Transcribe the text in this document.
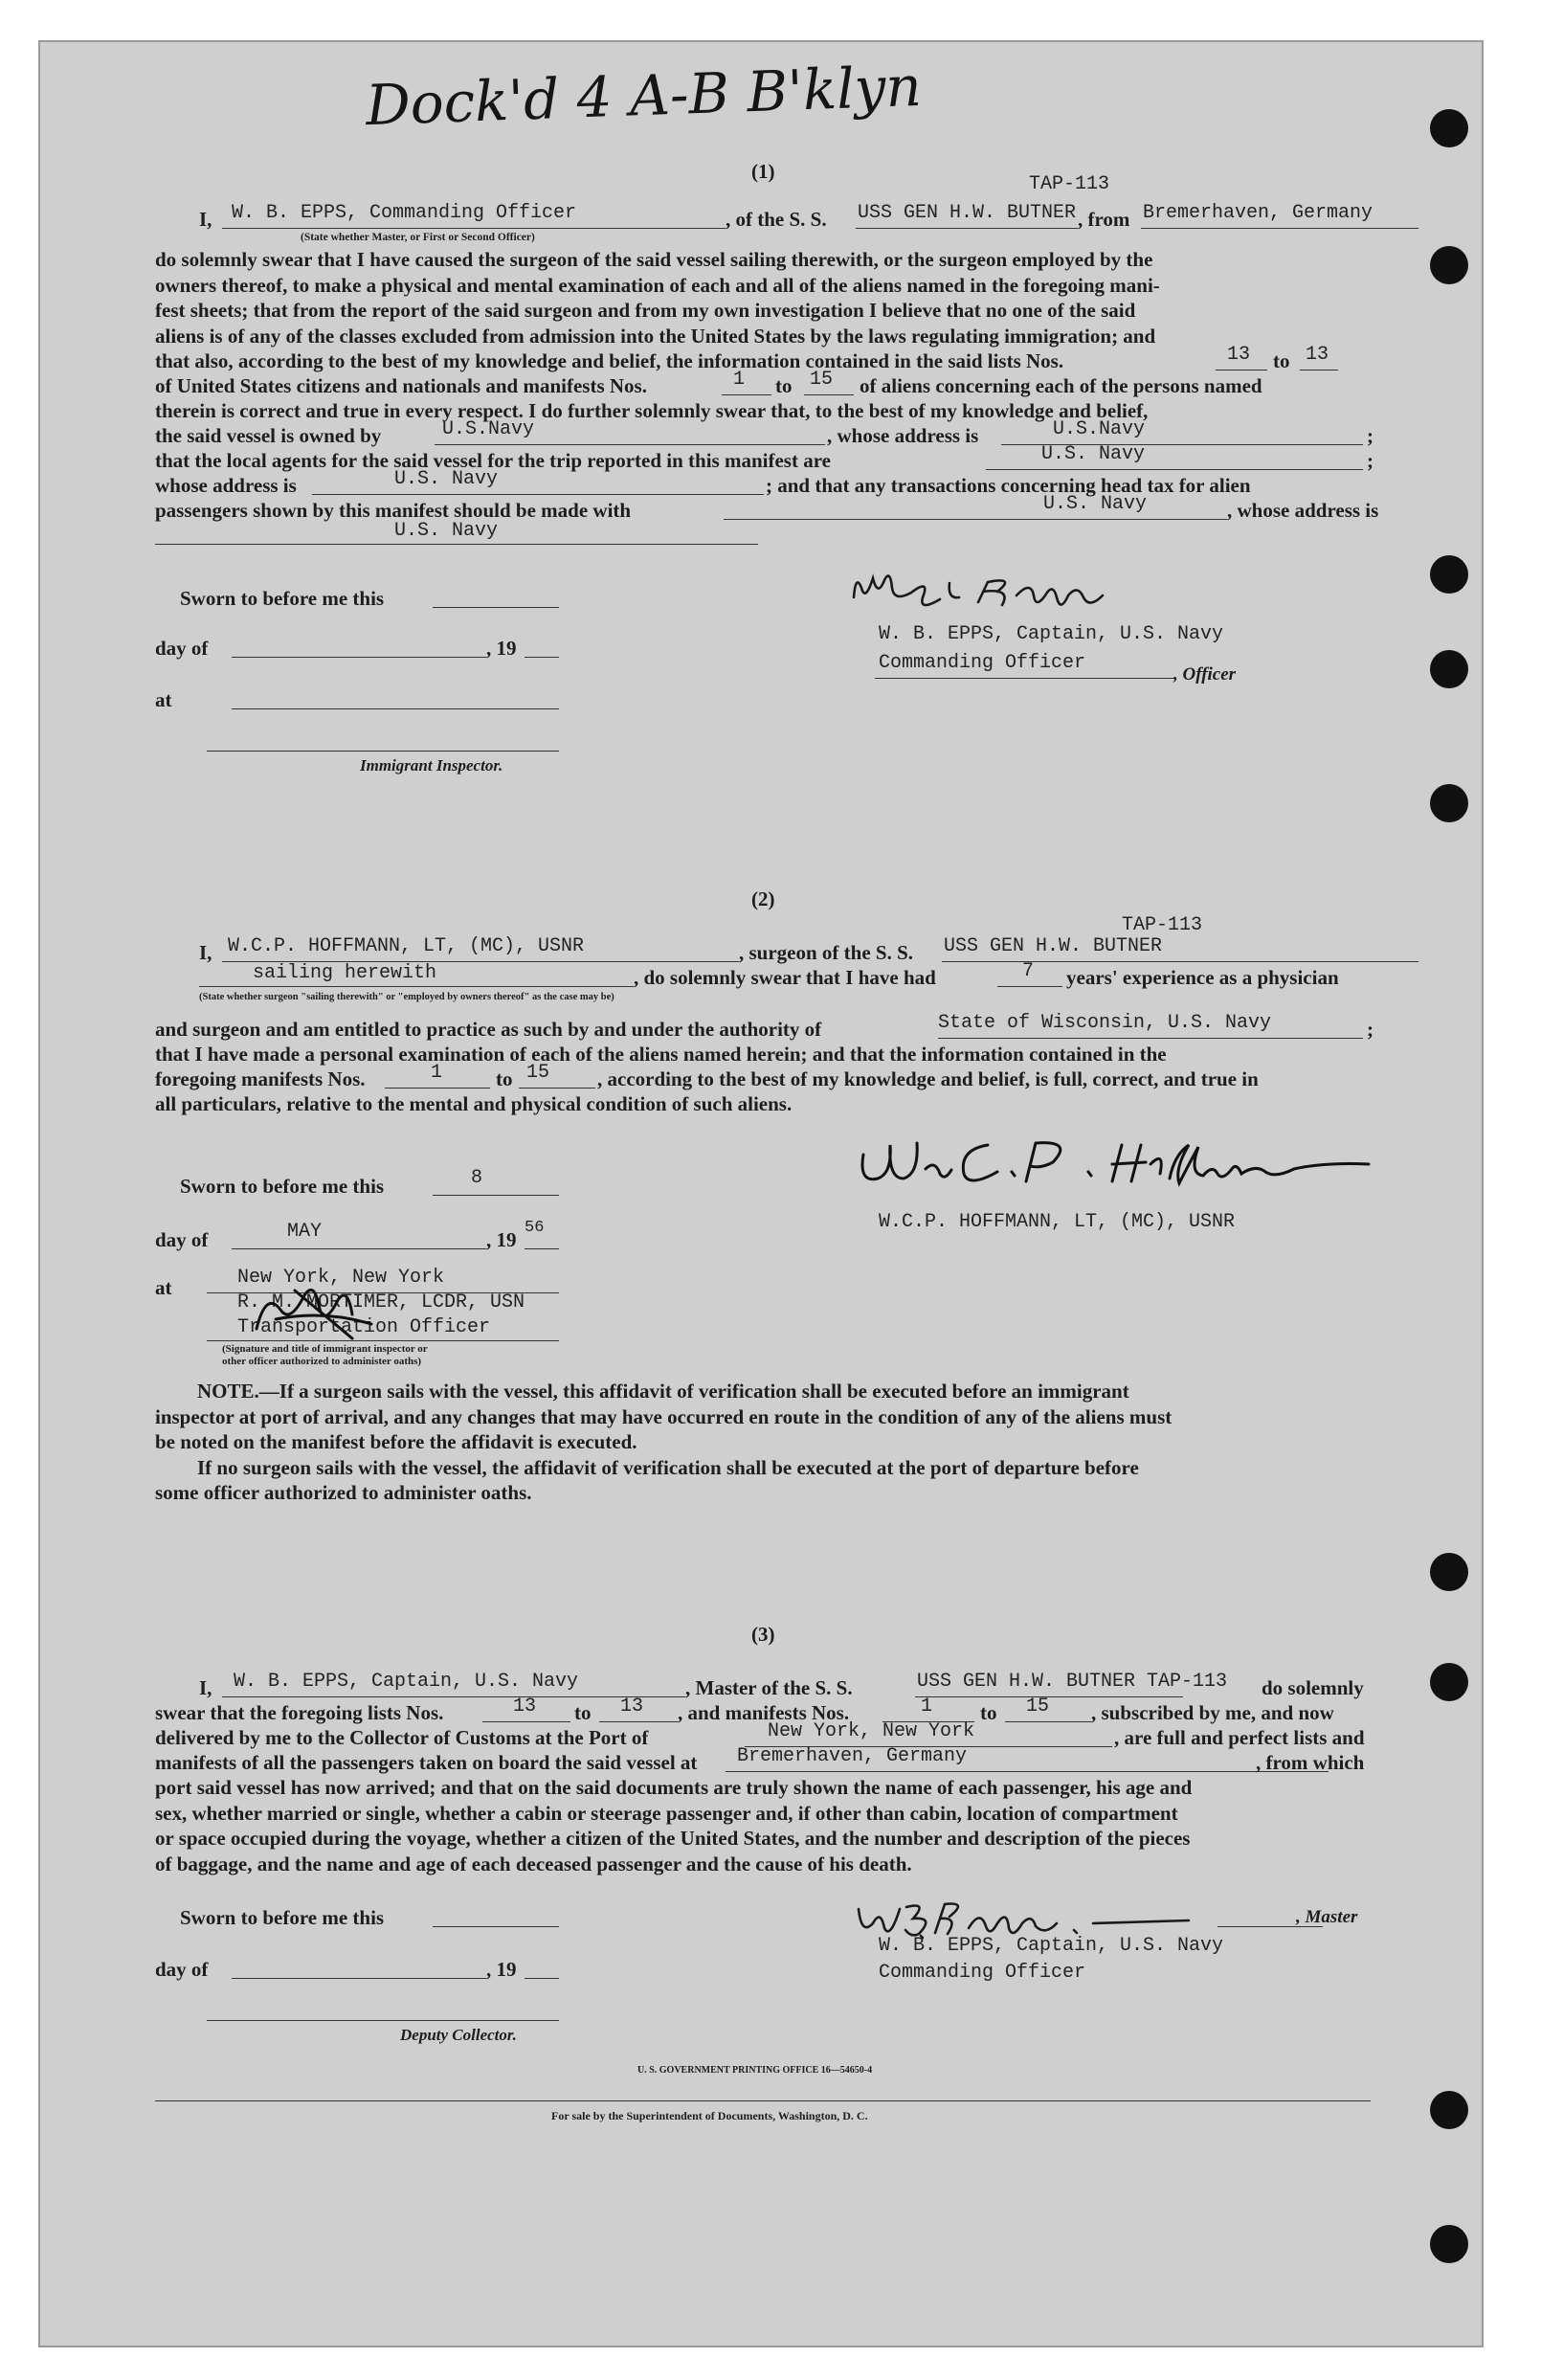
Dock'd 4 A-B B'klyn
(1)
TAP-113
I, W. B. EPPS, Commanding Officer
(State whether Master, or First or Second Officer)
, of the S. S. USS GEN H.W. BUTNER , from Bremerhaven, Germany
do solemnly swear that I have caused the surgeon of the said vessel sailing therewith, or the surgeon employed by the
owners thereof, to make a physical and mental examination of each and all of the aliens named in the foregoing mani-
fest sheets; that from the report of the said surgeon and from my own investigation I believe that no one of the said
aliens is of any of the classes excluded from admission into the United States by the laws regulating immigration; and
that also, according to the best of my knowledge and belief, the information contained in the said lists Nos.	13 to 13
of United States citizens and nationals and manifests Nos.	1 to 15 of aliens concerning each of the persons named
therein is correct and true in every respect. I do further solemnly swear that, to the best of my knowledge and belief,
the said vessel is owned by	U.S.Navy	, whose address is	U.S.Navy	;
that the local agents for the said vessel for the trip reported in this manifest are	U.S. Navy	;
whose address is	U.S. Navy	; and that any transactions concerning head tax for alien
passengers shown by this manifest should be made with	U.S. Navy	, whose address is
U.S. Navy
Sworn to before me this
day of	, 19
at
Immigrant Inspector.
W.B. Epps
W. B. EPPS, Captain, U.S. Navy
Commanding Officer
, Officer
(2)
TAP-113
I, W.C.P. HOFFMANN, LT, (MC), USNR	, surgeon of the S. S. USS GEN H.W. BUTNER
sailing herewith	, do solemnly swear that I have had	7 years' experience as a physician
(State whether surgeon "sailing therewith" or "employed by owners thereof" as the case may be)
and surgeon and am entitled to practice as such by and under the authority of	State of Wisconsin, U.S. Navy	;
that I have made a personal examination of each of the aliens named herein; and that the information contained in the
foregoing manifests Nos.	1	to 15 , according to the best of my knowledge and belief, is full, correct, and true in
all particulars, relative to the mental and physical condition of such aliens.
Sworn to before me this	8
day of	MAY	, 19
56
at	New York, New York
R. M. MORTIMER, LCDR, USN
Transportation Officer
(Signature and title of immigrant inspector or
other officer authorized to administer oaths)
W.C.P. HOFFMANN, LT, (MC), USNR
NOTE.—If a surgeon sails with the vessel, this affidavit of verification shall be executed before an immigrant
inspector at port of arrival, and any changes that may have occurred en route in the condition of any of the aliens must
be noted on the manifest before the affidavit is executed.
If no surgeon sails with the vessel, the affidavit of verification shall be executed at the port of departure before
some officer authorized to administer oaths.
(3)
I, W. B. EPPS, Captain, U.S. Navy	, Master of the S. S.	USS GEN H.W. BUTNER TAP-113 do solemnly
swear that the foregoing lists Nos.	13 to 13 , and manifests Nos.	1 to 15 , subscribed by me, and now
delivered by me to the Collector of Customs at the Port of	New York, New York	, are full and perfect lists and
manifests of all the passengers taken on board the said vessel at Bremerhaven, Germany	, from which
port said vessel has now arrived; and that on the said documents are truly shown the name of each passenger, his age and
sex, whether married or single, whether a cabin or steerage passenger and, if other than cabin, location of compartment
or space occupied during the voyage, whether a citizen of the United States, and the number and description of the pieces
of baggage, and the name and age of each deceased passenger and the cause of his death.
Sworn to before me this
day of	, 19
Deputy Collector.
, Master
W. B. EPPS, Captain, U.S. Navy
Commanding Officer
U. S. GOVERNMENT PRINTING OFFICE 16—54650-4
For sale by the Superintendent of Documents, Washington, D. C.
